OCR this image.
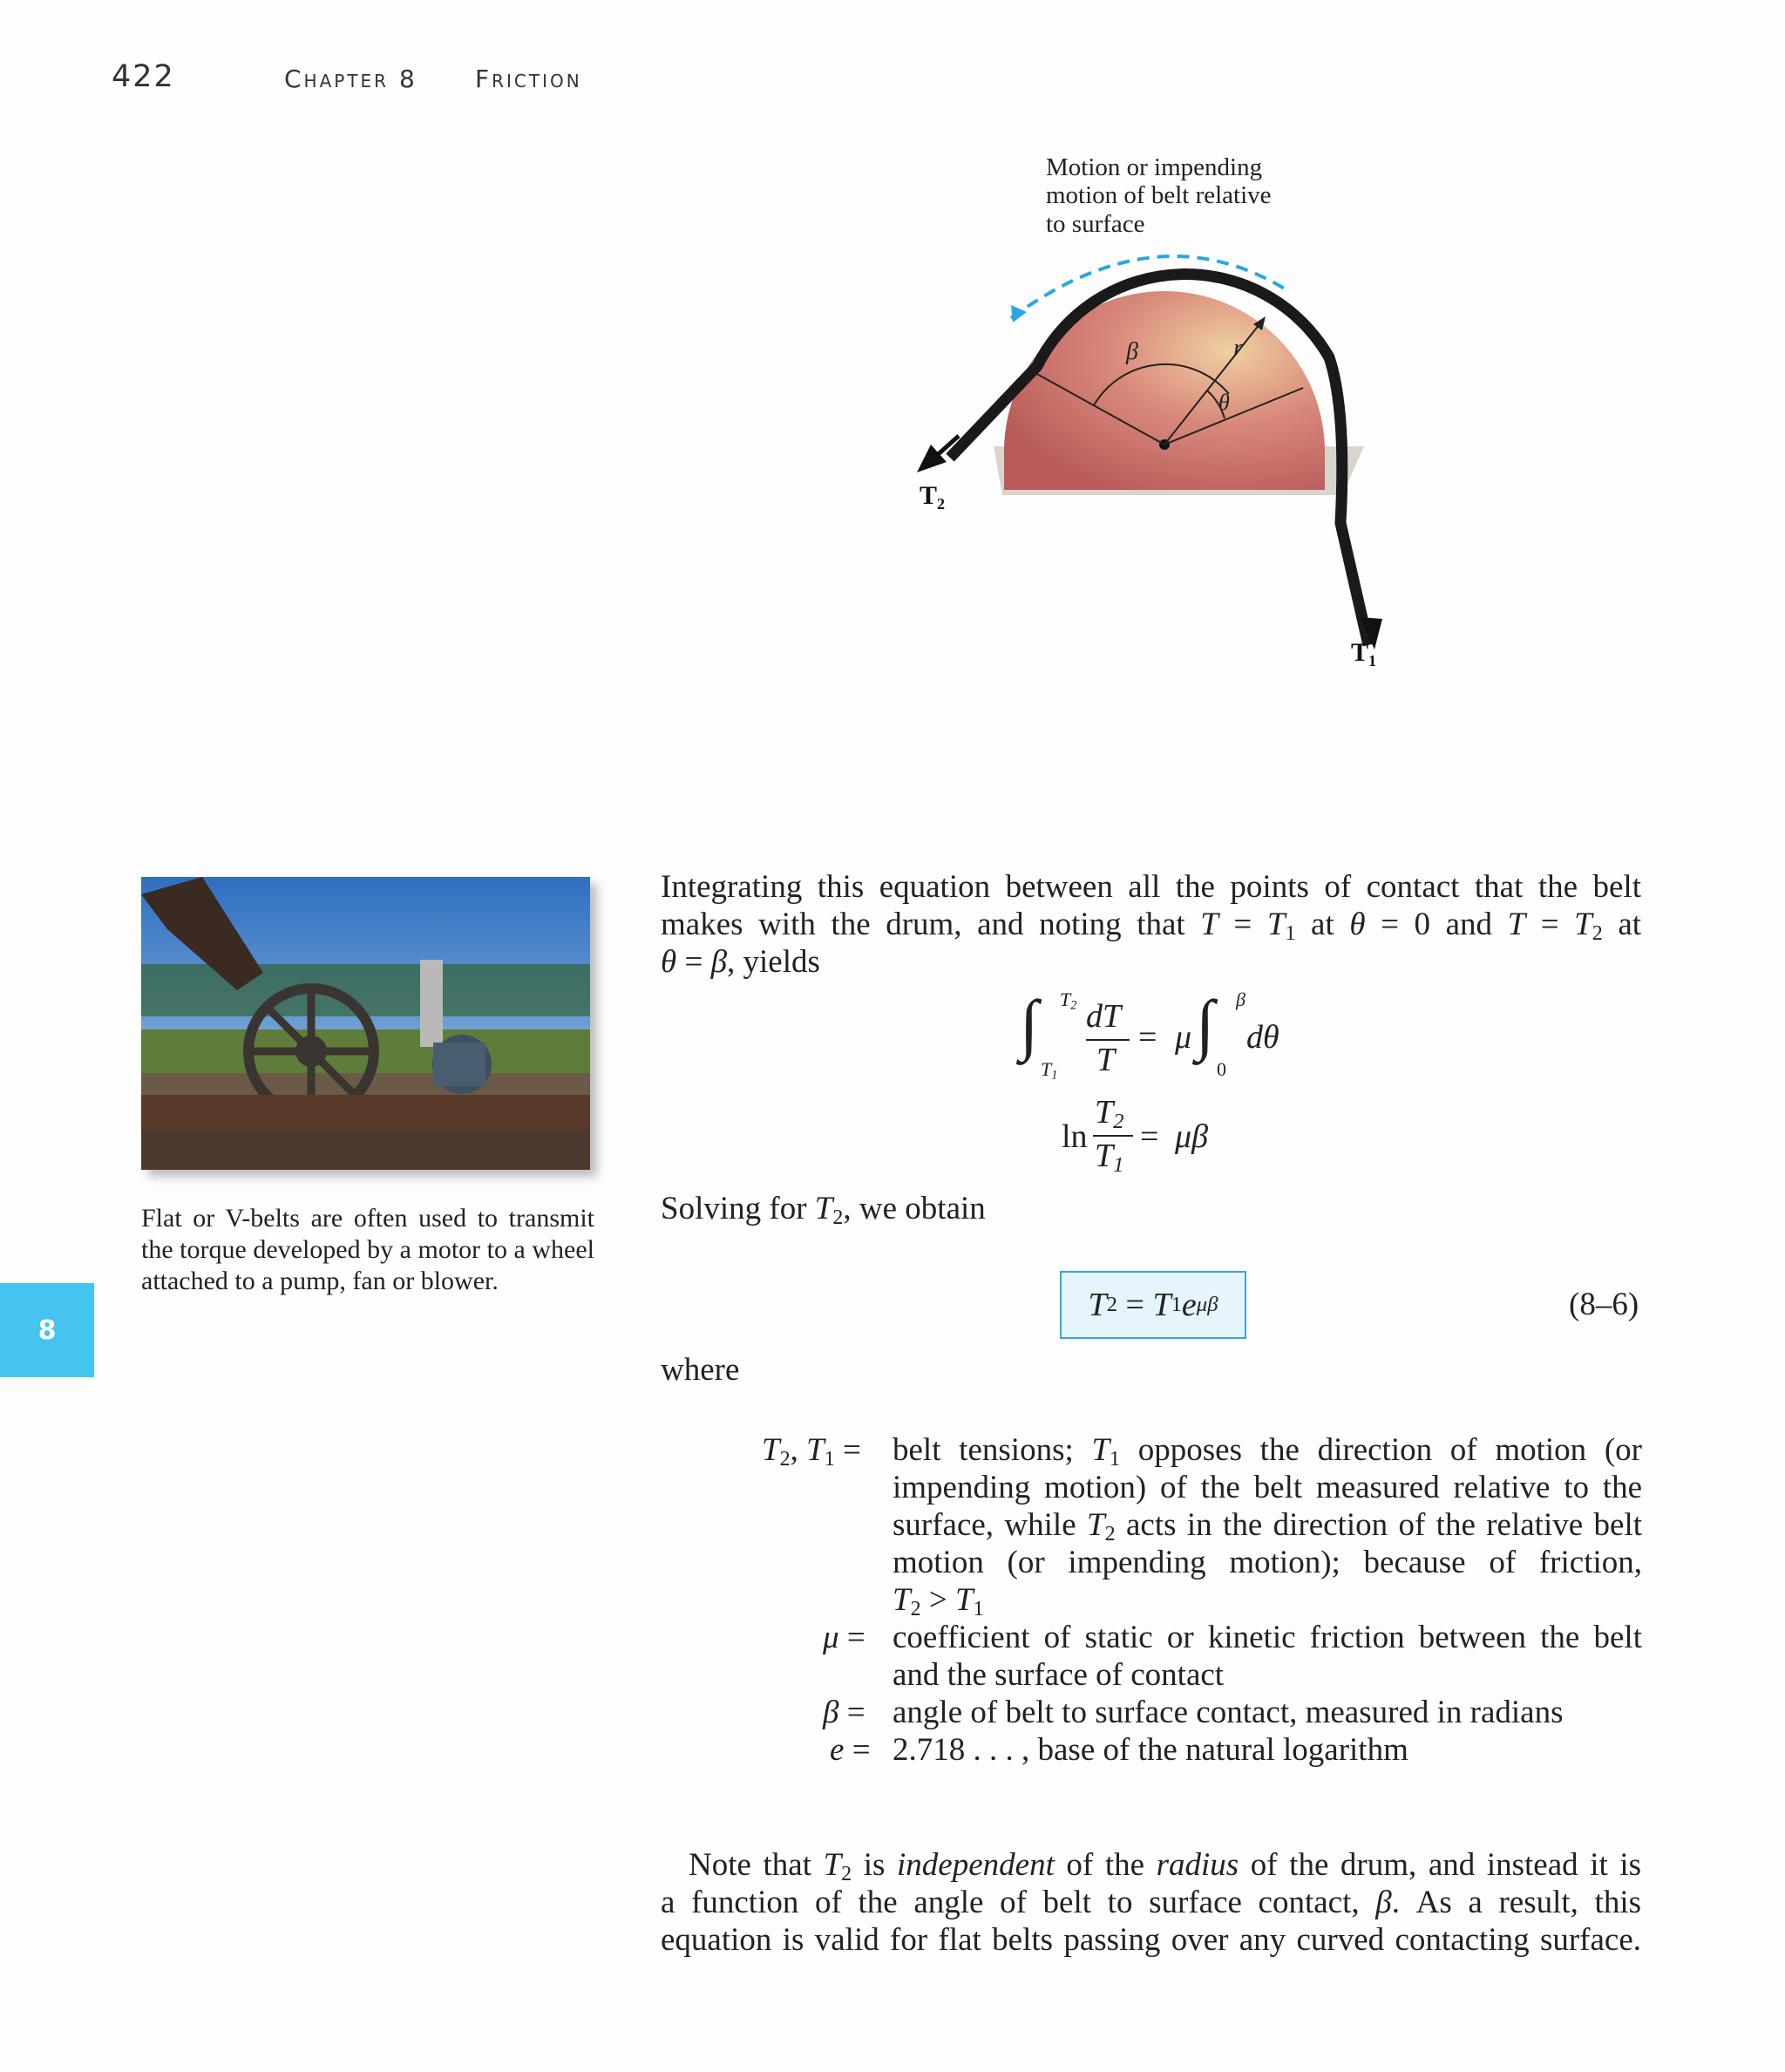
422	Chapter 8 Friction
β	r
θ
Motion or impending
motion of belt relative
to surface
$T_2$
$T_1$
Flat or V-belts are often used to transmit the torque developed by a motor to a wheel attached to a pump, fan or blower.
8
Integrating this equation between all the points of contact that the belt
makes with the drum, and noting that $T = T_1$ at θ = 0 and $T = T_2$ at
θ = β, yields
∫ $T_2$
$T_1$
dT
T
= μ ∫ β
0
dθ
ln
$T_2$
$T_1$
= μβ
Solving for $T_2$, we obtain
T 2 = T 1 e μβ	(8–6)
where
$T_2$, $T_1$ = belt tensions; $T_1$ opposes the direction of motion (or
impending motion) of the belt measured relative to the
surface, while $T_2$ acts in the direction of the relative belt
motion (or impending motion); because of friction,
$T_2 > T_1$
μ = coefficient of static or kinetic friction between the belt
and the surface of contact
β = angle of belt to surface contact, measured in radians
e = 2.718 . . . , base of the natural logarithm
Note that $T_2$ is independent of the radius of the drum, and instead it is
a function of the angle of belt to surface contact, β. As a result, this
equation is valid for flat belts passing over any curved contacting surface.
